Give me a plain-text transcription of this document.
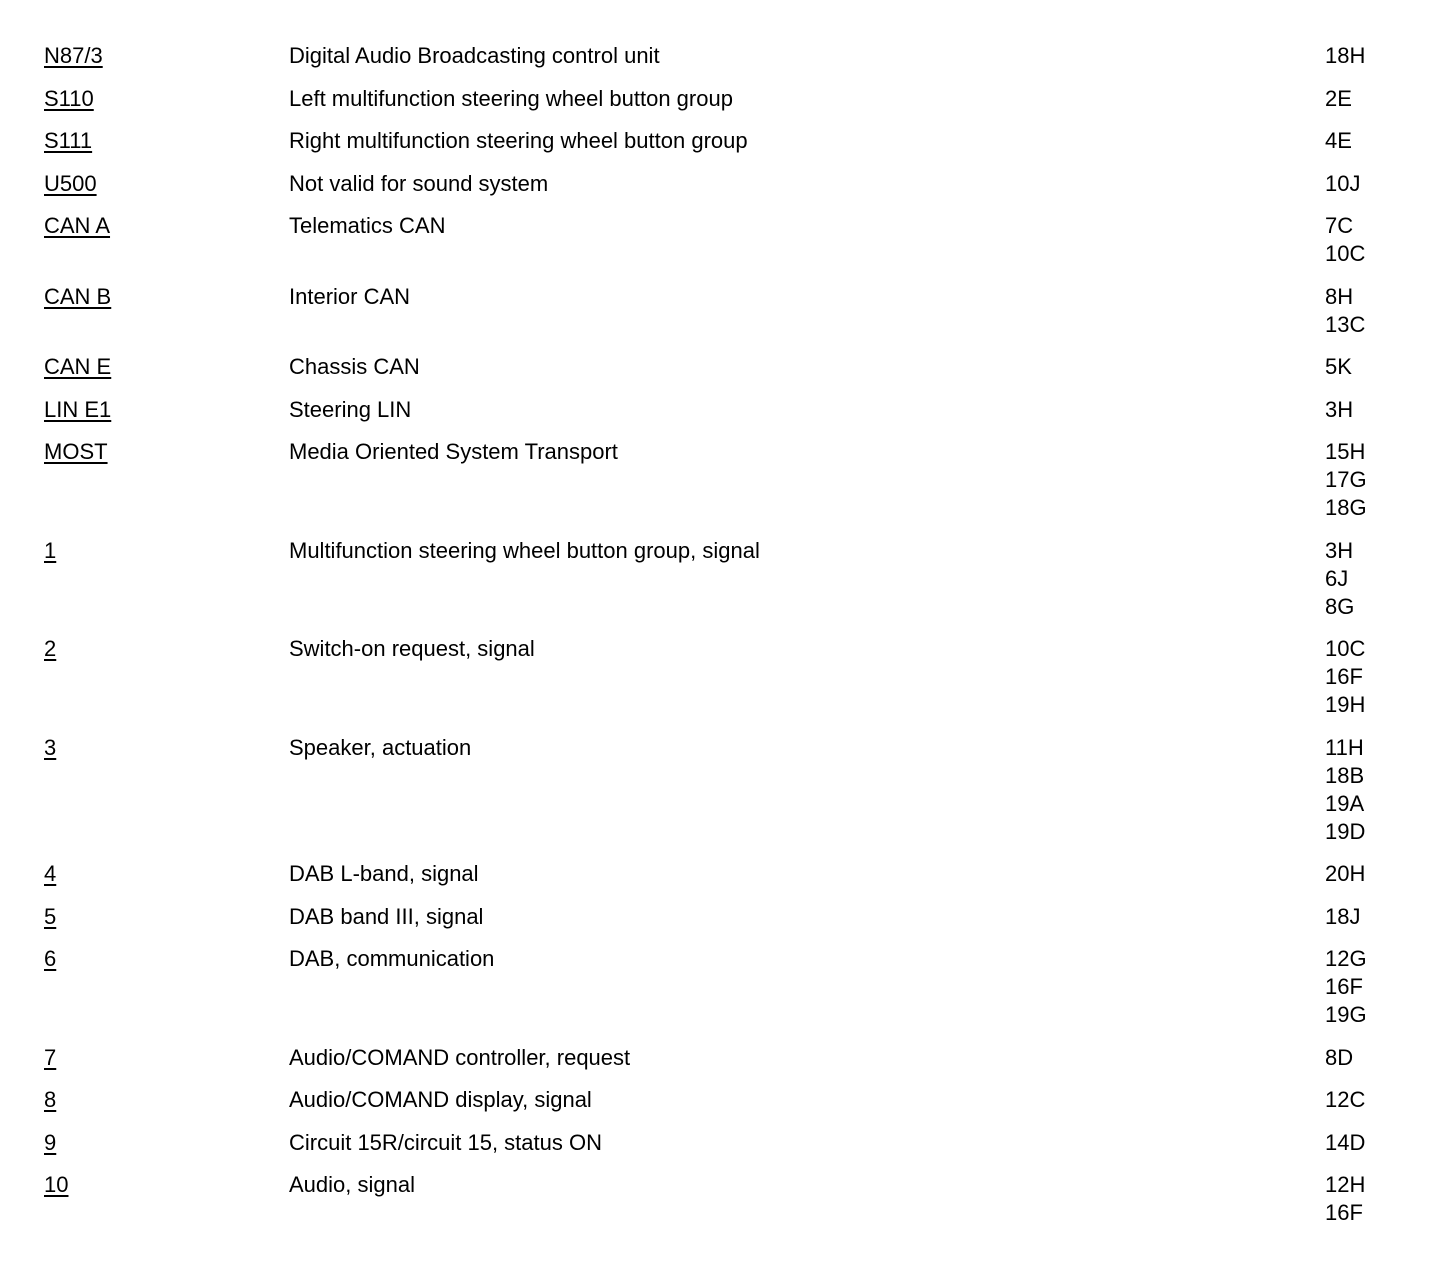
N87/3	Digital Audio Broadcasting control unit	18H
S110	Left multifunction steering wheel button group	2E
S111	Right multifunction steering wheel button group	4E
U500	Not valid for sound system	10J
CAN A	Telematics CAN	7C
10C
CAN B	Interior CAN	8H
13C
CAN E	Chassis CAN	5K
LIN E1	Steering LIN	3H
MOST	Media Oriented System Transport	15H
17G
18G
1	Multifunction steering wheel button group, signal	3H
6J
8G
2	Switch-on request, signal	10C
16F
19H
3	Speaker, actuation	11H
18B
19A
19D
4	DAB L-band, signal	20H
5	DAB band III, signal	18J
6	DAB, communication	12G
16F
19G
7	Audio/COMAND controller, request	8D
8	Audio/COMAND display, signal	12C
9	Circuit 15R/circuit 15, status ON	14D
10	Audio, signal	12H
16F
